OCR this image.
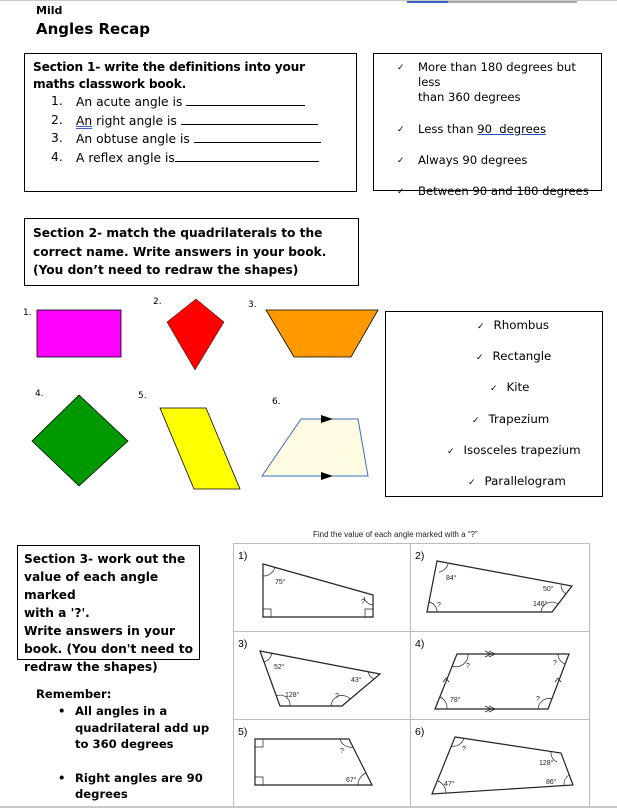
Mild
Angles Recap
Section 1- write the definitions into your maths classwork book.
1. An acute angle is
2. An right angle is
3. An obtuse angle is
4. A reflex angle is
✓ More than 180 degrees but less
than 360 degrees
✓ Less than 90  degrees
✓ Always 90 degrees
✓ Between 90 and 180 degrees
Section 2- match the quadrilaterals to the correct name. Write answers in your book. (You don’t need to redraw the shapes)
1.
2.	3.
4.	5.
6.
✓ Rhombus
✓ Rectangle
✓ Kite
✓ Trapezium
✓ Isosceles trapezium
✓ Parallelogram
Section 3- work out the
value of each angle marked
with a '?'.
Write answers in your
book. (You don't need to
redraw the shapes)
Remember:
• All angles in a quadrilateral add up to 360 degrees
• Right angles are 90 degrees
Find the value of each angle marked with a “?”
1)	2)
3)	4)
5)	6)
75°
?
84°
50°
146°
?
52°
43°
?
128°
?	?
?
78°
?
67°
?
128°
86°
47°
